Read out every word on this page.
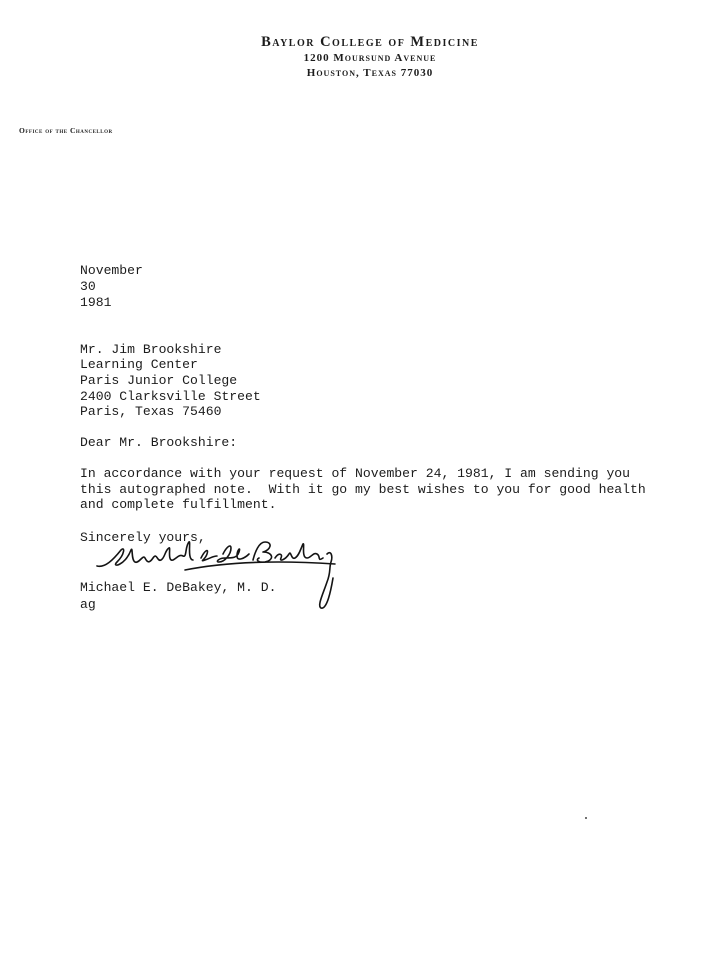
Baylor College of Medicine
1200 Moursund Avenue
Houston, Texas 77030
Office of the Chancellor
November
30
1981
Mr. Jim Brookshire
Learning Center
Paris Junior College
2400 Clarksville Street
Paris, Texas 75460
Dear Mr. Brookshire:
In accordance with your request of November 24, 1981, I am sending you
this autographed note.  With it go my best wishes to you for good health
and complete fulfillment.
Sincerely yours,
Michael E. DeBakey, M. D.
ag
